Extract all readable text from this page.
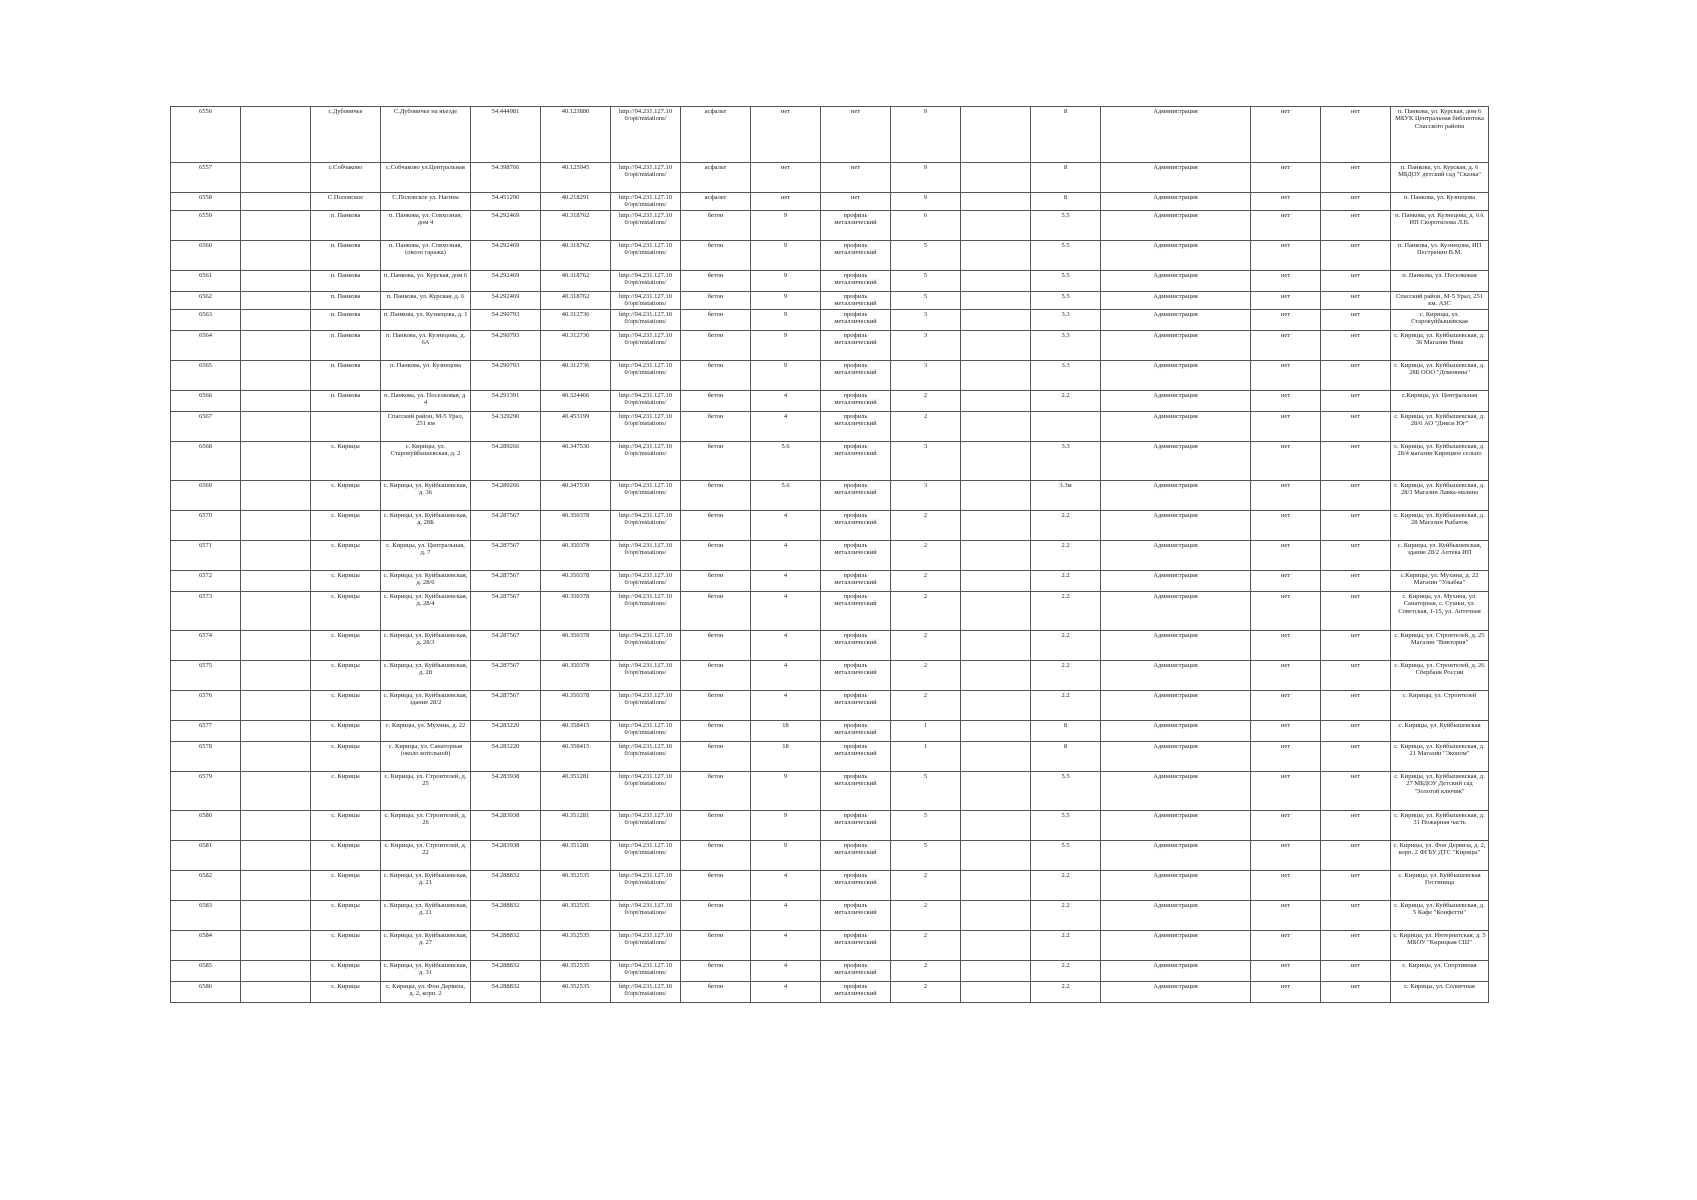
6556		с.Дубовичье	С.Дубовичье на въезде	54.444981	40.123880	http://94.231.127.10 0/opt/mstations/	асфальт	нет	нет	9		8	Администрация	нет	нет	п. Панкова, ул. Курская, дом 6 МБУК Центральная библиотека Спасского района
6557		с.Собчаково	с.Собчаково ул.Центральная	54.398766	40.125945	http://94.231.127.10 0/opt/mstations/	асфальт	нет	нет	9		8	Администрация	нет	нет	п. Панкова, ул. Курская, д. 6 МБДОУ детский сад "Сказка"
6558		С.Половское	С.Половское ул. Нагина	54.451290	40.218291	http://94.231.127.10 0/opt/mstations/	асфальт	нет	нет	9		8	Администрация	нет	нет	п. Панкова, ул. Кузнецова
6559		п. Панкова	п. Панкова, ул. Совхозная, дом 4	54.292469	40.318762	http://94.231.127.10 0/opt/mstations/	бетон	9	профиль металлический	6		5.5	Администрация	нет	нет	п. Панкова, ул. Кузнецова, д. 6А ИП Скоротилова Л.В.
6560		п. Панкова	п. Панкова, ул. Совхозная, (около гаража)	54.292469	40.318762	http://94.231.127.10 0/opt/mstations/	бетон	9	профиль металлический	5		5.5	Администрация	нет	нет	п. Панкова, ул. Кузнецова, ИП Пестренин В.М.
6561		п. Панкова	п. Панкова, ул. Курская, дом 6	54.292469	40.318762	http://94.231.127.10 0/opt/mstations/	бетон	9	профиль металлический	5		5.5	Администрация	нет	нет	п. Панкова, ул. Поселковая
6562		п. Панкова	п. Панкова, ул. Курская, д. 6	54.292469	40.318762	http://94.231.127.10 0/opt/mstations/	бетон	9	профиль металлический	5		5.5	Администрация	нет	нет	Спасский район, М-5 Урал, 251 км. АЗС
6563		п. Панкова	п. Панкова, ул. Кузнецова, д. 1	54.290793	40.312736	http://94.231.127.10 0/opt/mstations/	бетон	9	профиль металлический	3		3.3	Администрация	нет	нет	с. Кирицы, ул. Старокуйбышевская
6564		п. Панкова	п. Панкова, ул. Кузнецова, д. 6А	54.290793	40.312736	http://94.231.127.10 0/opt/mstations/	бетон	9	профиль металлический	3		3.3	Администрация	нет	нет	с. Кирицы, ул. Куйбышевская, д. 36 Магазин Нива
6565		п. Панкова	п. Панкова, ул. Кузнецова	54.290793	40.312736	http://94.231.127.10 0/opt/mstations/	бетон	9	профиль металлический	3		3.3	Администрация	нет	нет	с. Кирицы, ул. Куйбышевская, д. 28Б ООО "Домовина"
6566		п. Панкова	п. Панкова, ул. Поселковая, д. 4	54.291391	40.324466	http://94.231.127.10 0/opt/mstations/	бетон	4	профиль металлический	2		2.2	Администрация	нет	нет	с.Кирицы, ул. Центральная
6567			Спасский район, М-5 Урал, 251 км	54.329290	40.453199	http://94.231.127.10 0/opt/mstations/	бетон	4	профиль металлический	2			Администрация	нет	нет	с. Кирицы, ул. Куйбышевская, д. 28/6 АО "Дикси Юг"
6568		с. Кирицы	с. Кирицы, ул. Старокуйбышевская, д. 2	54.289266	40.347530	http://94.231.127.10 0/opt/mstations/	бетон	5.6	профиль металлический	3		3.3	Администрация	нет	нет	с. Кирицы, ул. Куйбышевская, д. 28/4 магазин Кирицкое сельпо
6569		с. Кирицы	с. Кирицы, ул. Куйбышевская, д. 36	54.289266	40.347530	http://94.231.127.10 0/opt/mstations/	бетон	5.6	профиль металлический	3		3.3м	Администрация	нет	нет	с. Кирицы, ул. Куйбышевская, д. 28/3 Магазин Лавка-малина
6570		с. Кирицы	с. Кирицы, ул. Куйбышевская, д. 28Б	54.287567	40.350378	http://94.231.127.10 0/opt/mstations/	бетон	4	профиль металлический	2		2.2	Администрация	нет	нет	с. Кирицы, ул. Куйбышевская, д. 28 Магазин Рыбачок
6571		с. Кирицы	с. Кирицы, ул. Центральная, д. 7	54.287567	40.350378	http://94.231.127.10 0/opt/mstations/	бетон	4	профиль металлический	2		2.2	Администрация	нет	нет	с. Кирицы, ул. Куйбышевская, здание 28/2 Аптека ИП
6572		с. Кирицы	с. Кирицы, ул. Куйбышевская, д. 28/6	54.287567	40.350378	http://94.231.127.10 0/opt/mstations/	бетон	4	профиль металлический	2		2.2	Администрация	нет	нет	с.Кирицы, ул. Мухина, д. 22 Магазин "Улыбка"
6573		с. Кирицы	с. Кирицы, ул. Куйбышевская, д. 28/4	54.287567	40.350378	http://94.231.127.10 0/opt/mstations/	бетон	4	профиль металлический	2		2.2	Администрация	нет	нет	с. Кирицы, ул. Мухина, ул. Санаторная, с. Сушки, ул. Советская, 1-15, ул. Аптечная
6574		с. Кирицы	с. Кирицы, ул. Куйбышевская, д. 28/3	54.287567	40.350378	http://94.231.127.10 0/opt/mstations/	бетон	4	профиль металлический	2		2.2	Администрация	нет	нет	с. Кирицы, ул. Строителей, д. 25 Магазин "Виктория"
6575		с. Кирицы	с. Кирицы, ул. Куйбышевская, д. 28	54.287567	40.350378	http://94.231.127.10 0/opt/mstations/	бетон	4	профиль металлический	2		2.2	Администрация	нет	нет	с. Кирицы, ул. Строителей, д. 26 Сбербанк России
6576		с. Кирицы	с. Кирицы, ул. Куйбышевская, здание 28/2	54.287567	40.350378	http://94.231.127.10 0/opt/mstations/	бетон	4	профиль металлический	2		2.2	Администрация	нет	нет	с. Кирицы, ул. Строителей
6577		с. Кирицы	с. Кирицы, ул. Мухина, д. 22	54.283220	40.358415	http://94.231.127.10 0/opt/mstations/	бетон	18	профиль металлический	1		8	Администрация	нет	нет	с. Кирицы, ул. Куйбышевская
6578		с. Кирицы	с. Кирицы, ул. Санаторная (около котельной)	54.283220	40.358415	http://94.231.127.10 0/opt/mstations/	бетон	18	профиль металлический	1		8	Администрация	нет	нет	с. Кирицы, ул. Куйбышевская, д. 21 Магазин "Эконом"
6579		с. Кирицы	с. Кирицы, ул. Строителей, д. 25	54.283938	40.351281	http://94.231.127.10 0/opt/mstations/	бетон	9	профиль металлический	5		5.5	Администрация	нет	нет	с. Кирицы, ул. Куйбышевская, д. 27 МБДОУ Детский сад "Золотой ключик"
6580		с. Кирицы	с. Кирицы, ул. Строителей, д. 26	54.283938	40.351281	http://94.231.127.10 0/opt/mstations/	бетон	9	профиль металлический	5		5.5	Администрация	нет	нет	с. Кирицы, ул. Куйбышевская, д. 31 Пожарная часть
6581		с. Кирицы	с. Кирицы, ул. Строителей, д. 22	54.283938	40.351281	http://94.231.127.10 0/opt/mstations/	бетон	9	профиль металлический	5		5.5	Администрация	нет	нет	с. Кирицы, ул. Фон Дервиза, д. 2, корп. 2 ФГБУ ДТС "Кирицы"
6582		с. Кирицы	с. Кирицы, ул. Куйбышевская, д. 21	54.288832	40.352535	http://94.231.127.10 0/opt/mstations/	бетон	4	профиль металлический	2		2.2	Администрация	нет	нет	с. Кирицы, ул. Куйбышевская Гостиница
6583		с. Кирицы	с. Кирицы, ул. Куйбышевская, д. 21	54.288832	40.352535	http://94.231.127.10 0/opt/mstations/	бетон	4	профиль металлический	2		2.2	Администрация	нет	нет	с. Кирицы, ул. Куйбышевская, д. 5 Кафе "Конфетти"
6584		с. Кирицы	с. Кирицы, ул. Куйбышевская, д. 27	54.288832	40.352535	http://94.231.127.10 0/opt/mstations/	бетон	4	профиль металлический	2		2.2	Администрация	нет	нет	с. Кирицы, ул. Интернатская, д. 5 МБОУ "Кирицкая СШ"
6585		с. Кирицы	с. Кирицы, ул. Куйбышевская, д. 31	54.288832	40.352535	http://94.231.127.10 0/opt/mstations/	бетон	4	профиль металлический	2		2.2	Администрация	нет	нет	с. Кирицы, ул. Спортивная
6586		с. Кирицы	с. Кирицы, ул. Фон Дервиза, д. 2, корп. 2	54.288832	40.352535	http://94.231.127.10 0/opt/mstations/	бетон	4	профиль металлический	2		2.2	Администрация	нет	нет	с. Кирицы, ул. Солнечная
